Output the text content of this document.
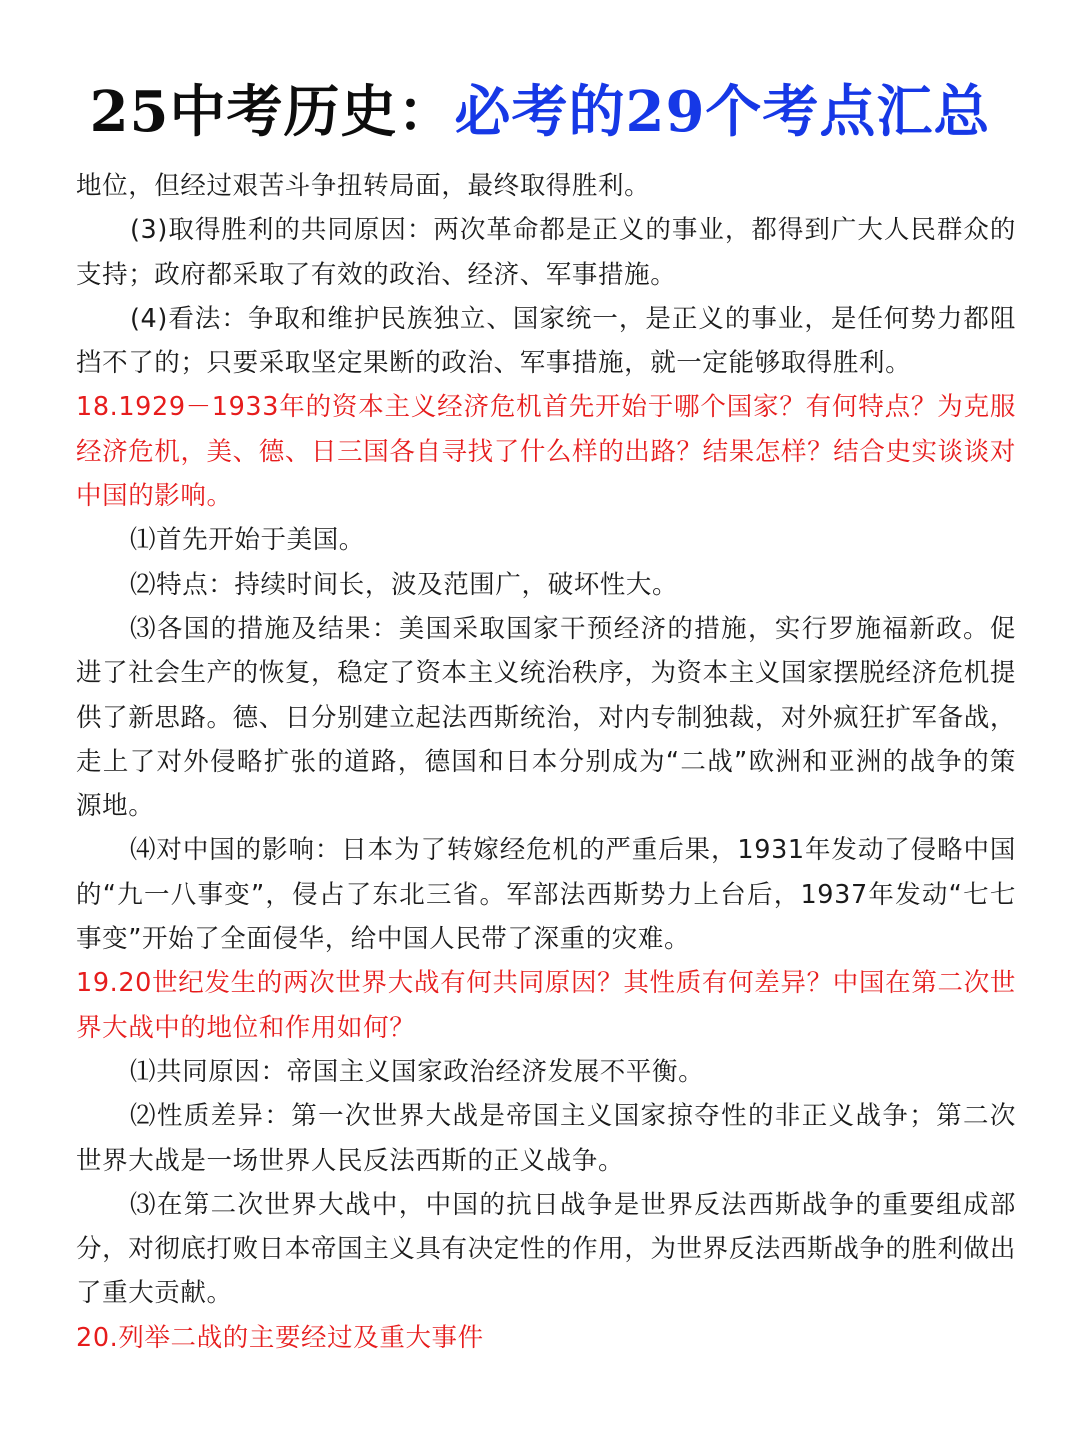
25中考历史：必考的29个考点汇总

地位，但经过艰苦斗争扭转局面，最终取得胜利。

(3)取得胜利的共同原因：两次革命都是正义的事业，都得到广大人民群众的支持；政府都采取了有效的政治、经济、军事措施。

(4)看法：争取和维护民族独立、国家统一，是正义的事业，是任何势力都阻挡不了的；只要采取坚定果断的政治、军事措施，就一定能够取得胜利。

18.1929－1933年的资本主义经济危机首先开始于哪个国家？有何特点？为克服经济危机，美、德、日三国各自寻找了什么样的出路？结果怎样？结合史实谈谈对中国的影响。

⑴首先开始于美国。

⑵特点：持续时间长，波及范围广，破坏性大。

⑶各国的措施及结果：美国采取国家干预经济的措施，实行罗施福新政。促进了社会生产的恢复，稳定了资本主义统治秩序，为资本主义国家摆脱经济危机提供了新思路。德、日分别建立起法西斯统治，对内专制独裁，对外疯狂扩军备战，走上了对外侵略扩张的道路，德国和日本分别成为“二战”欧洲和亚洲的战争的策源地。

⑷对中国的影响：日本为了转嫁经危机的严重后果，1931年发动了侵略中国的“九一八事变”，侵占了东北三省。军部法西斯势力上台后，1937年发动“七七事变”开始了全面侵华，给中国人民带了深重的灾难。

19.20世纪发生的两次世界大战有何共同原因？其性质有何差异？中国在第二次世界大战中的地位和作用如何？

⑴共同原因：帝国主义国家政治经济发展不平衡。

⑵性质差异：第一次世界大战是帝国主义国家掠夺性的非正义战争；第二次世界大战是一场世界人民反法西斯的正义战争。

⑶在第二次世界大战中，中国的抗日战争是世界反法西斯战争的重要组成部分，对彻底打败日本帝国主义具有决定性的作用，为世界反法西斯战争的胜利做出了重大贡献。

20.列举二战的主要经过及重大事件
